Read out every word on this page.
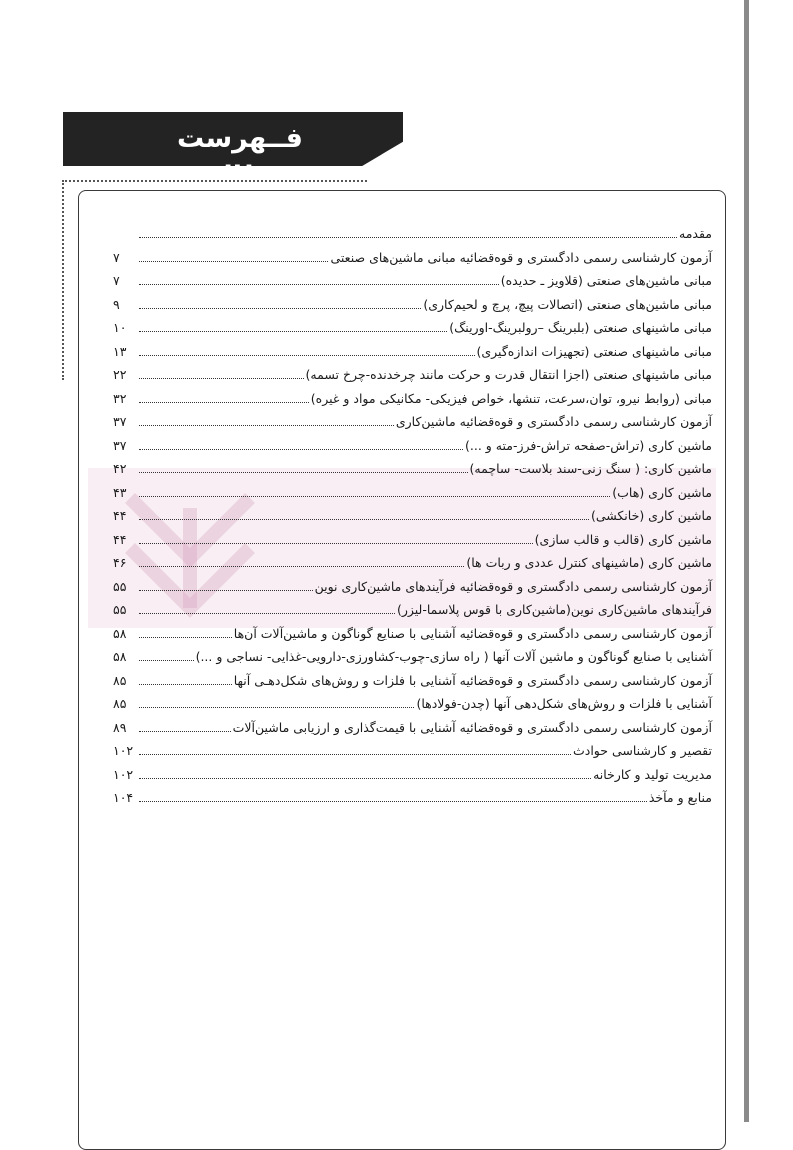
فــهرست مطالب
مقدمه
آزمون کارشناسی رسمی دادگستری و قوه‌قضائیه مبانی ماشین‌های صنعتی
۷
مبانی ماشین‌های صنعتی (قلاویز ـ حدیده)
۷
مبانی ماشین‌های صنعتی (اتصالات پیچ، پرچ و لحیم‌کاری)
۹
مبانی ماشینهای صنعتی (بلبرینگ –رولبرینگ-اورینگ)
۱۰
مبانی ماشینهای صنعتی (تجهیزات اندازه‌گیری)
۱۳
مبانی ماشینهای صنعتی (اجزا انتقال قدرت و حرکت مانند چرخدنده-چرخ تسمه)
۲۲
مبانی (روابط نیرو، توان،سرعت، تنشها، خواص فیزیکی- مکانیکی مواد و غیره)
۳۲
آزمون کارشناسی رسمی دادگستری و قوه‌قضائیه ماشین‌کاری
۳۷
ماشین کاری (تراش-صفحه تراش-فرز-مته و ...)
۳۷
ماشین کاری: ( سنگ زنی-سند بلاست- ساچمه)
۴۲
ماشین کاری (هاب)
۴۳
ماشین کاری (خانکشی)
۴۴
ماشین کاری (قالب و قالب سازی)
۴۴
ماشین کاری (ماشینهای کنترل عددی و ربات ها)
۴۶
آزمون کارشناسی رسمی دادگستری و قوه‌قضائیه فرآیندهای ماشین‌کاری نوین
۵۵
فرآیندهای ماشین‌کاری نوین(ماشین‌کاری با قوس پلاسما-لیزر)
۵۵
آزمون کارشناسی رسمی دادگستری و قوه‌قضائیه آشنایی با صنایع گوناگون و ماشین‌آلات آن‌ها
۵۸
آشنایی با صنایع گوناگون و ماشین آلات آنها ( راه سازی-چوب-کشاورزی-دارویی-غذایی- نساجی و ...)
۵۸
آزمون کارشناسی رسمی دادگستری و قوه‌قضائیه آشنایی با فلزات و روش‌های شکل‌دهـی آنها
۸۵
آشنایی با فلزات و روش‌های شکل‌دهی آنها (چدن-فولادها)
۸۵
آزمون کارشناسی رسمی دادگستری و قوه‌قضائیه آشنایی با قیمت‌گذاری و ارزیابی ماشین‌آلات
۸۹
تقصیر و کارشناسی حوادث
۱۰۲
مدیریت تولید و کارخانه
۱۰۲
منابع و مآخذ
۱۰۴
